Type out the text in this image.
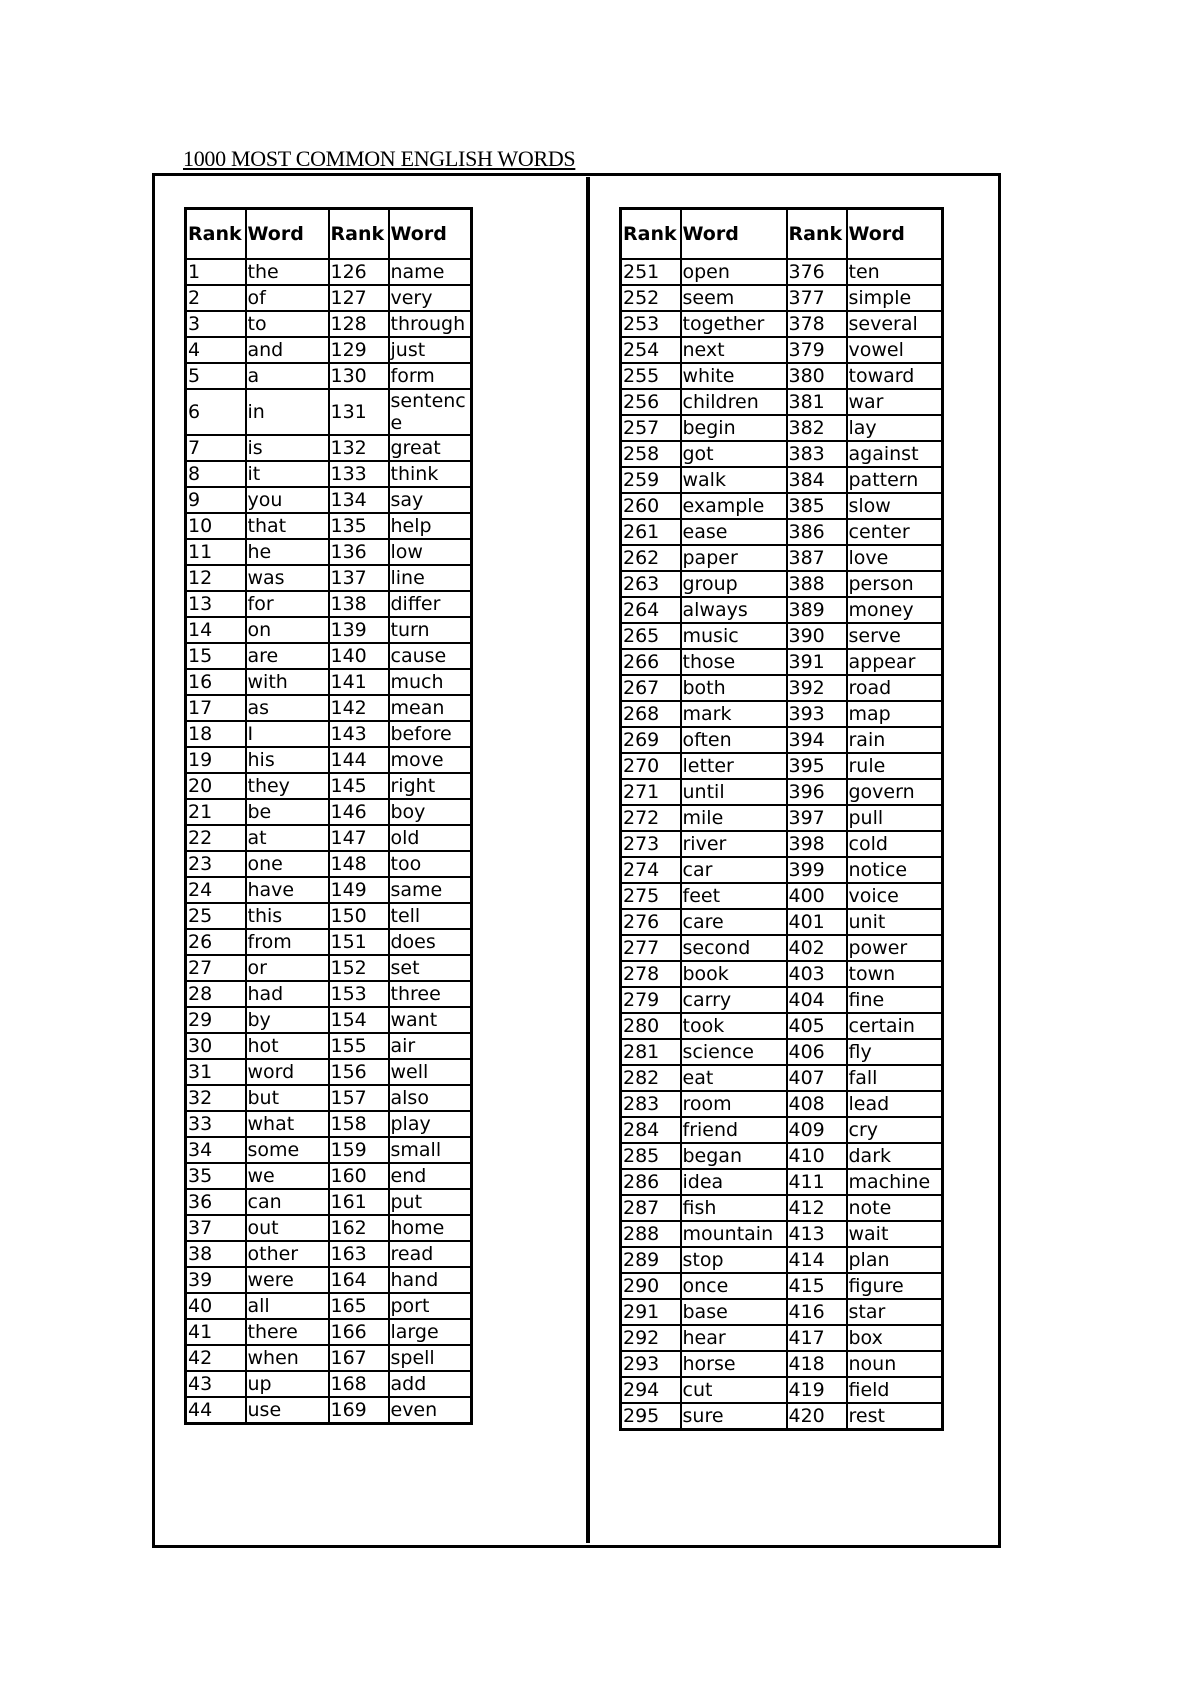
1000 MOST COMMON ENGLISH WORDS
Rank	Word	Rank	Word
1	the	126	name
2	of	127	very
3	to	128	through
4	and	129	just
5	a	130	form
6	in	131	sentence
7	is	132	great
8	it	133	think
9	you	134	say
10	that	135	help
11	he	136	low
12	was	137	line
13	for	138	differ
14	on	139	turn
15	are	140	cause
16	with	141	much
17	as	142	mean
18	I	143	before
19	his	144	move
20	they	145	right
21	be	146	boy
22	at	147	old
23	one	148	too
24	have	149	same
25	this	150	tell
26	from	151	does
27	or	152	set
28	had	153	three
29	by	154	want
30	hot	155	air
31	word	156	well
32	but	157	also
33	what	158	play
34	some	159	small
35	we	160	end
36	can	161	put
37	out	162	home
38	other	163	read
39	were	164	hand
40	all	165	port
41	there	166	large
42	when	167	spell
43	up	168	add
44	use	169	even
Rank	Word	Rank	Word
251	open	376	ten
252	seem	377	simple
253	together	378	several
254	next	379	vowel
255	white	380	toward
256	children	381	war
257	begin	382	lay
258	got	383	against
259	walk	384	pattern
260	example	385	slow
261	ease	386	center
262	paper	387	love
263	group	388	person
264	always	389	money
265	music	390	serve
266	those	391	appear
267	both	392	road
268	mark	393	map
269	often	394	rain
270	letter	395	rule
271	until	396	govern
272	mile	397	pull
273	river	398	cold
274	car	399	notice
275	feet	400	voice
276	care	401	unit
277	second	402	power
278	book	403	town
279	carry	404	fine
280	took	405	certain
281	science	406	fly
282	eat	407	fall
283	room	408	lead
284	friend	409	cry
285	began	410	dark
286	idea	411	machine
287	fish	412	note
288	mountain	413	wait
289	stop	414	plan
290	once	415	figure
291	base	416	star
292	hear	417	box
293	horse	418	noun
294	cut	419	field
295	sure	420	rest
